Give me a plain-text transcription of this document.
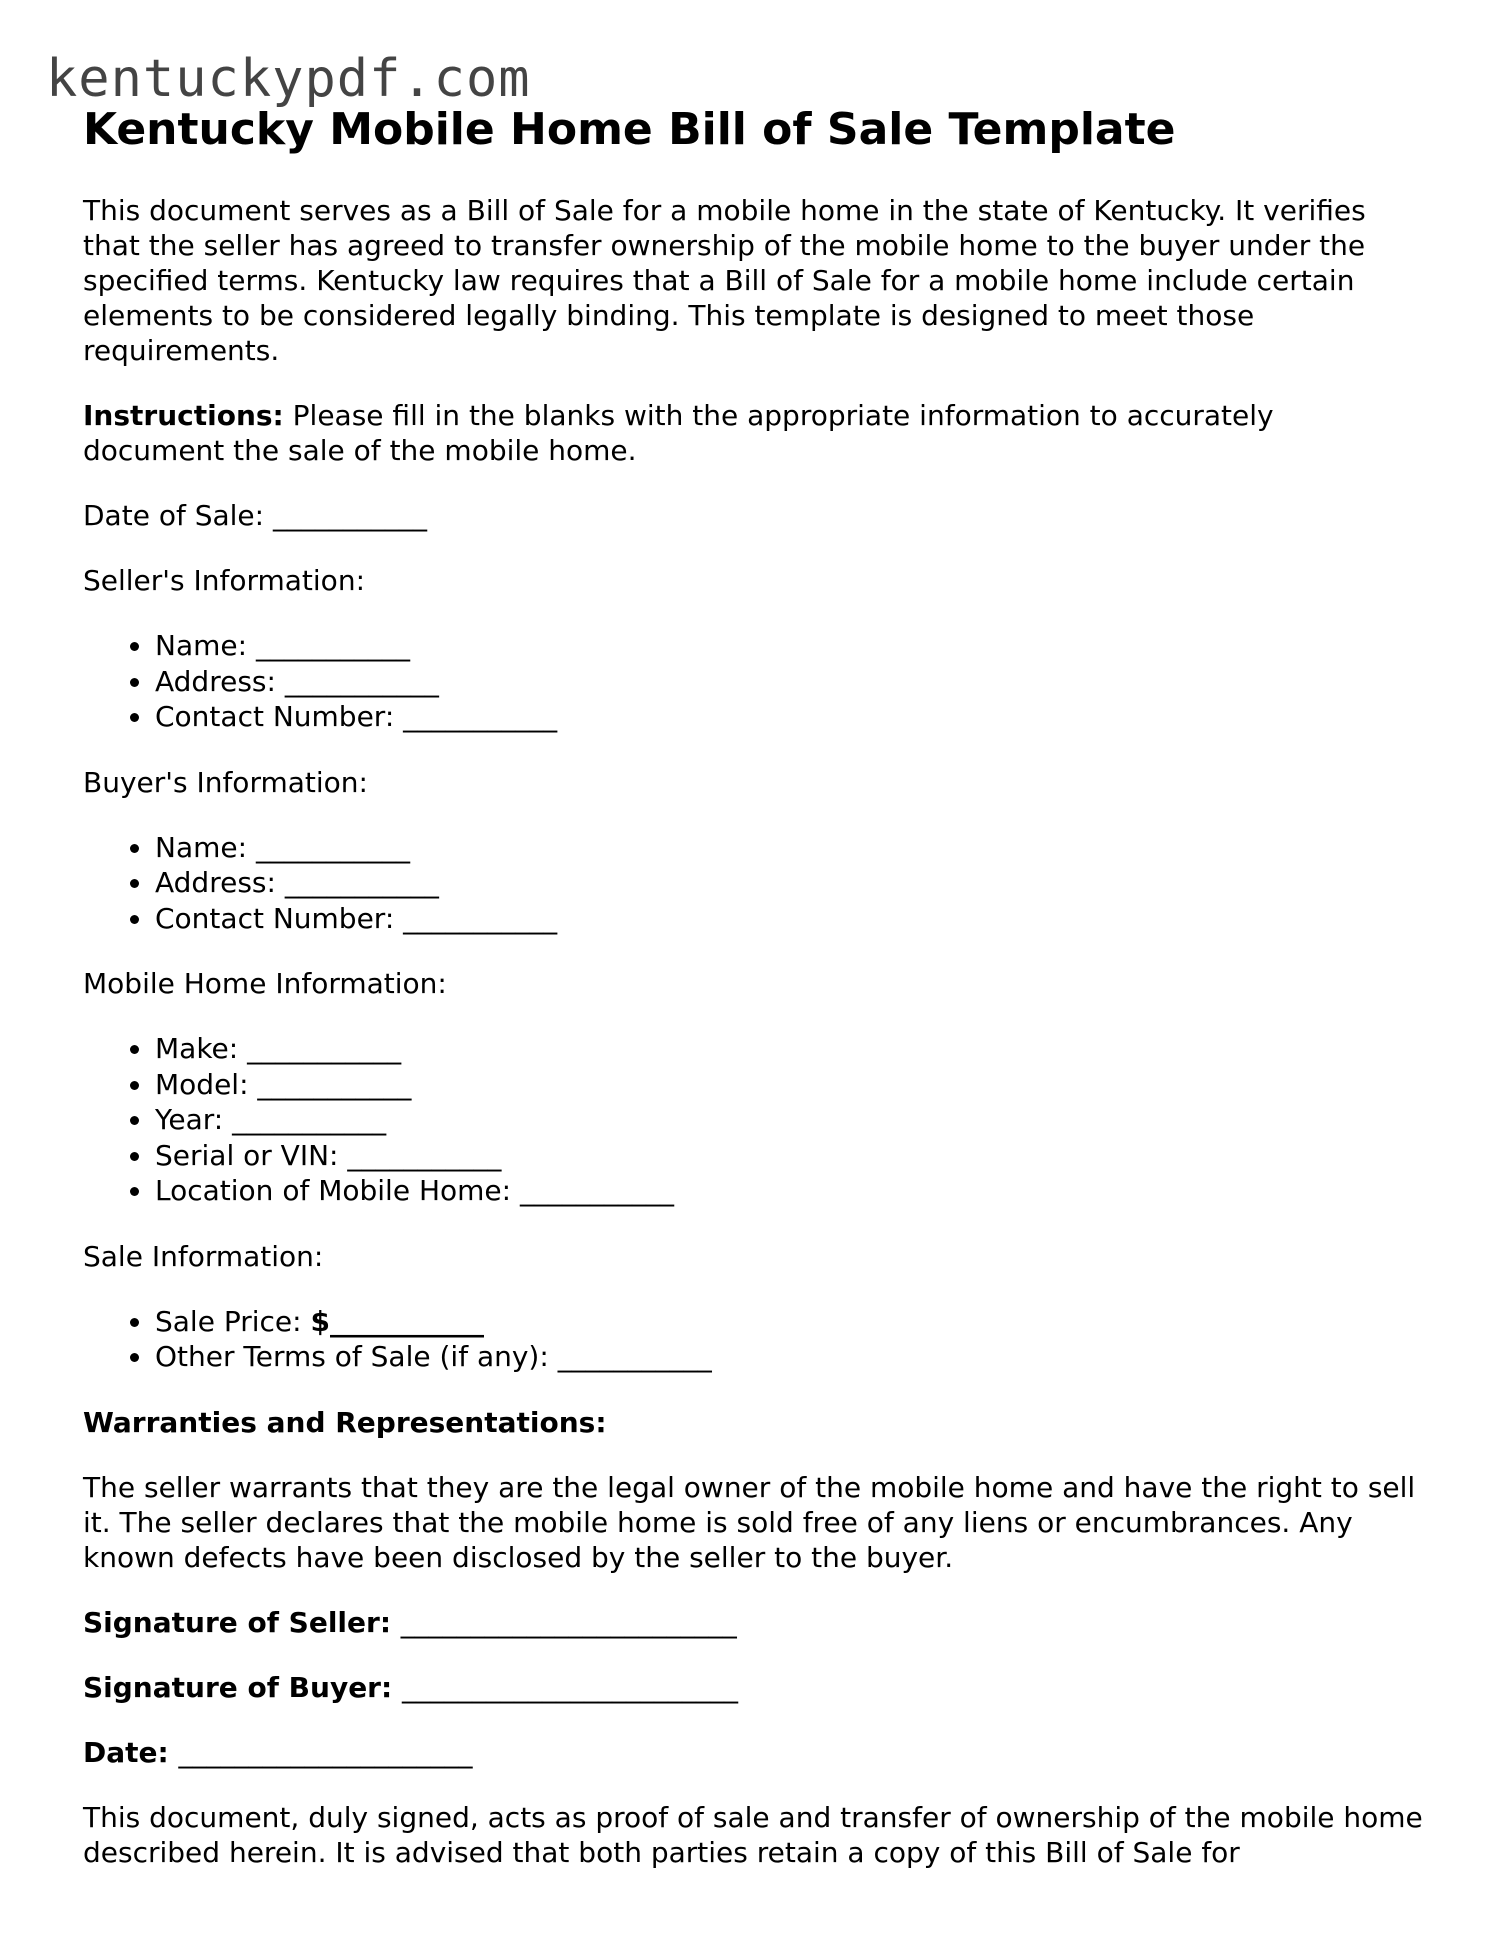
kentuckypdf.com
Kentucky Mobile Home Bill of Sale Template

This document serves as a Bill of Sale for a mobile home in the state of Kentucky. It verifies that the seller has agreed to transfer ownership of the mobile home to the buyer under the specified terms. Kentucky law requires that a Bill of Sale for a mobile home include certain elements to be considered legally binding. This template is designed to meet those requirements.

Instructions: Please fill in the blanks with the appropriate information to accurately document the sale of the mobile home.

Date of Sale: ___________

Seller's Information:

Name: ___________
Address: ___________
Contact Number: ___________

Buyer's Information:

Name: ___________
Address: ___________
Contact Number: ___________

Mobile Home Information:

Make: ___________
Model: ___________
Year: ___________
Serial or VIN: ___________
Location of Mobile Home: ___________

Sale Information:

Sale Price: $___________
Other Terms of Sale (if any): ___________

Warranties and Representations:

The seller warrants that they are the legal owner of the mobile home and have the right to sell it. The seller declares that the mobile home is sold free of any liens or encumbrances. Any known defects have been disclosed by the seller to the buyer.

Signature of Seller: ________________________

Signature of Buyer: ________________________

Date: _____________________

This document, duly signed, acts as proof of sale and transfer of ownership of the mobile home described herein. It is advised that both parties retain a copy of this Bill of Sale for
